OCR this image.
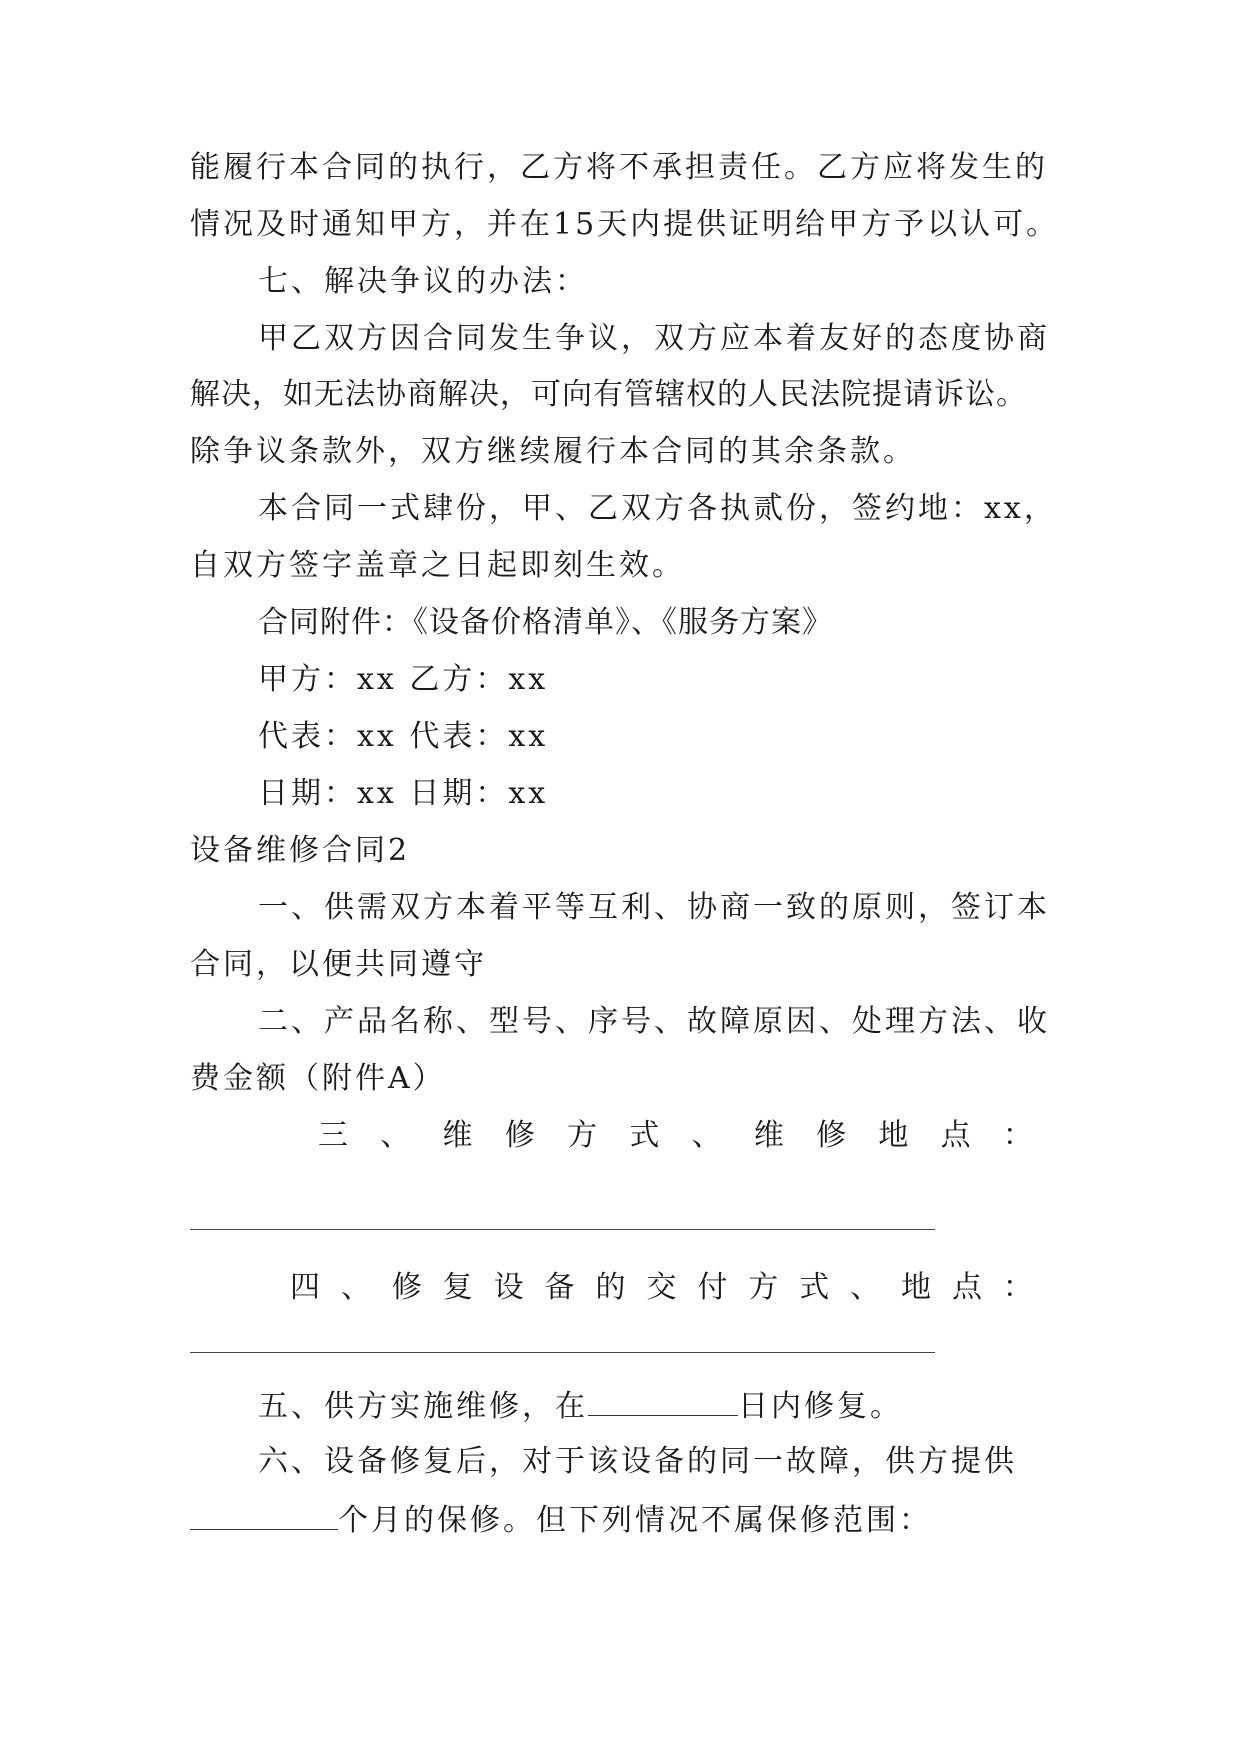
能履行本合同的执行，乙方将不承担责任。乙方应将发生的
情况及时通知甲方，并在15天内提供证明给甲方予以认可。
七、解决争议的办法：
甲乙双方因合同发生争议，双方应本着友好的态度协商
解决，如无法协商解决，可向有管辖权的人民法院提请诉讼。
除争议条款外，双方继续履行本合同的其余条款。
本合同一式肆份，甲、乙双方各执贰份，签约地：xx，
自双方签字盖章之日起即刻生效。
合同附件：《设备价格清单》、《服务方案》
甲方：xx 乙方：xx
代表：xx 代表：xx
日期：xx 日期：xx
设备维修合同2
一、供需双方本着平等互利、协商一致的原则，签订本
合同，以便共同遵守
二、产品名称、型号、序号、故障原因、处理方法、收
费金额（附件A）
三 、 维 修 方 式 、 维 修 地 点 ：
四 、 修 复 设 备 的 交 付 方 式 、 地 点 ：
五、供方实施维修，在	日内修复。
六、设备修复后，对于该设备的同一故障，供方提供
个月的保修。但下列情况不属保修范围：
